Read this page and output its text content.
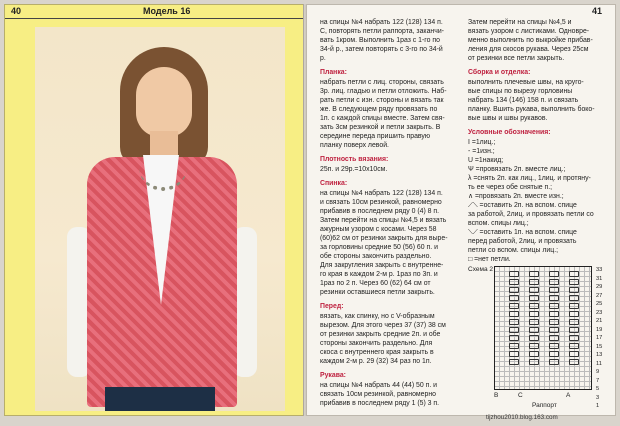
40	Модель 16	41
на спицы №4 набрать 122 (128) 134 п.
С, повторять петли раппорта, заканчи-
вать 1кром. Выполнить 1раз с 1-го по
34-й р., затем повторять с 3-го по 34-й
р.
Планка:
набрать петли с лиц. стороны, связать
3р. лиц. гладью и петли отложить. Наб-
рать петли с изн. стороны и вязать так
же. В следующем ряду провязать по
1п. с каждой спицы вместе. Затем свя-
зать 3см резинкой и петли закрыть. В
середине переда пришить правую
планку поверх левой.
Плотность вязания:
25п. и 29р.=10х10см.
Спинка:
на спицы №4 набрать 122 (128) 134 п.
и связать 10см резинкой, равномерно
прибавив в последнем ряду 0 (4) 8 п.
Затем перейти на спицы №4,5 и вязать
ажурным узором с косами. Через 58
(60)62 см от резинки закрыть для выре-
за горловины средние 50 (56) 60 п. и
обе стороны закончить раздельно.
Для закругления закрыть с внутренне-
го края в каждом 2-м р. 1раз по 3п. и
1раз по 2 п. Через 60 (62) 64 см от
резинки оставшиеся петли закрыть.
Перед:
вязать, как спинку, но с V-образным
вырезом. Для этого через 37 (37) 38 см
от резинки закрыть средние 2п. и обе
стороны закончить раздельно. Для
скоса с внутреннего края закрыть в
каждом 2-м р. 29 (32) 34 раз по 1п.
Рукава:
на спицы №4 набрать 44 (44) 50 п. и
связать 10см резинкой, равномерно
прибавив в последнем ряду 1 (5) 3 п.
Затем перейти на спицы №4,5 и
вязать узором с листиками. Одновре-
менно выполнить по выкройке прибав-
ления для скосов рукава. Через 25см
от резинки все петли закрыть.
Сборка и отделка:
выполнить плечевые швы, на круго-
вые спицы по вырезу горловины
набрать 134 (146) 158 п. и связать
планку. Вшить рукава, выполнить боко-
вые швы и швы рукавов.
Условные обозначения:
I =1лиц.;
- =1изн.;
U =1накид;
Ψ =провязать 2п. вместе лиц.;
λ =снять 2п. как лиц., 1лиц. и протяну-
ть ее через обе снятые п.;
∧ =провязать 2п. вместе изн.;
⟋⟍ =оставить 2п. на вспом. спице
за работой, 2лиц. и провязать петли со
вспом. спицы лиц.;
⟍⟋ =оставить 1п. на вспом. спице
перед работой, 2лиц. и провязать
петли со вспом. спицы лиц.;
□ =нет петли.
Схема 2	33
31
29
27
25
23
21
19
17
15
13
11
9
7
5
3
1
B	C	A
Раппорт
tijzhou2010.blog.163.com
